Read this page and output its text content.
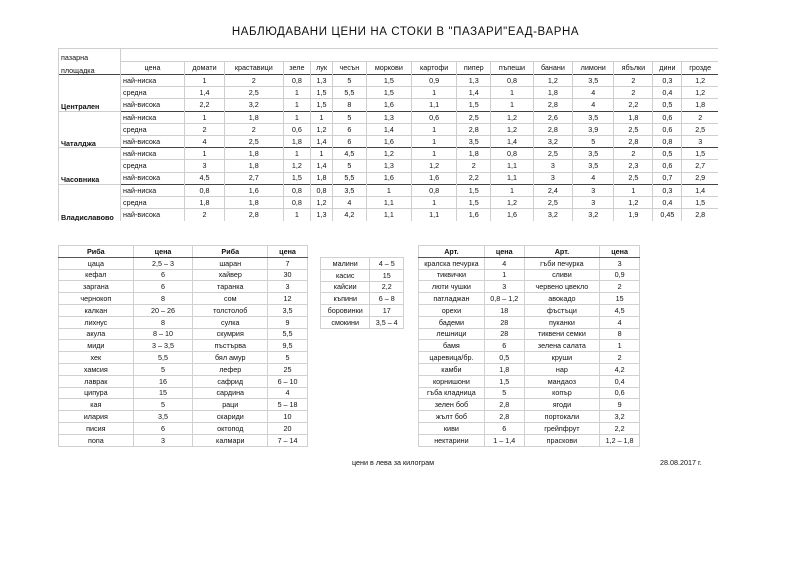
НАБЛЮДАВАНИ ЦЕНИ НА СТОКИ В "ПАЗАРИ"ЕАД-ВАРНА
пазарна															
площадка	цена	домати	краставици	зеле	лук	чесън	моркови	картофи	пипер	пъпеши	банани	лимони	ябълки	дини	грозде
Централен	най-ниска	1	2	0,8	1,3	5	1,5	0,9	1,3	0,8	1,2	3,5	2	0,3	1,2
	средна	1,4	2,5	1	1,5	5,5	1,5	1	1,4	1	1,8	4	2	0,4	1,2
	най-висока	2,2	3,2	1	1,5	8	1,6	1,1	1,5	1	2,8	4	2,2	0,5	1,8
Чаталджа	най-ниска	1	1,8	1	1	5	1,3	0,6	2,5	1,2	2,6	3,5	1,8	0,6	2
	средна	2	2	0,6	1,2	6	1,4	1	2,8	1,2	2,8	3,9	2,5	0,6	2,5
	най-висока	4	2,5	1,8	1,4	6	1,6	1	3,5	1,4	3,2	5	2,8	0,8	3
Часовника	най-ниска	1	1,8	1	1	4,5	1,2	1	1,8	0,8	2,5	3,5	2	0,5	1,5
	средна	3	1,8	1,2	1,4	5	1,3	1,2	2	1,1	3	3,5	2,3	0,6	2,7
	най-висока	4,5	2,7	1,5	1,8	5,5	1,6	1,6	2,2	1,1	3	4	2,5	0,7	2,9
Владиславово	най-ниска	0,8	1,6	0,8	0,8	3,5	1	0,8	1,5	1	2,4	3	1	0,3	1,4
	средна	1,8	1,8	0,8	1,2	4	1,1	1	1,5	1,2	2,5	3	1,2	0,4	1,5
	най-висока	2	2,8	1	1,3	4,2	1,1	1,1	1,6	1,6	3,2	3,2	1,9	0,45	2,8
Риба	цена	Риба	цена
цаца	2,5 – 3	шаран	7
кефал	6	хайвер	30
заргана	6	таранка	3
чернокоп	8	сом	12
калкан	20 – 26	толстолоб	3,5
лихнус	8	сулка	9
акула	8 – 10	скумрия	5,5
миди	3 – 3,5	пъстърва	9,5
хек	5,5	бял амур	5
хамсия	5	лефер	25
лаврак	16	сафрид	6 – 10
ципура	15	сардина	4
кая	5	раци	5 – 18
илария	3,5	скариди	10
писия	6	октопод	20
попа	3	калмари	7 – 14
малини	4 – 5
касис	15
кайсии	2,2
къпини	6 – 8
боровинки	17
смокини	3,5 – 4
Арт.	цена	Арт.	цена
кралска печурка	4	гъби печурка	3
тиквички	1	сливи	0,9
люти чушки	3	червено цвекло	2
патладжан	0,8 – 1,2	авокадо	15
орехи	18	фъстъци	4,5
бадеми	28	пуканки	4
лешници	28	тиквени семки	8
бамя	6	зелена салата	1
царевица/бр.	0,5	круши	2
камби	1,8	нар	4,2
корнишони	1,5	мандаоз	0,4
гъба кладница	5	копър	0,6
зелен боб	2,8	ягоди	9
жълт боб	2,8	портокали	3,2
киви	6	грейпфрут	2,2
нектарини	1 – 1,4	праскови	1,2 – 1,8
цени в лева за килограм	28.08.2017 г.
